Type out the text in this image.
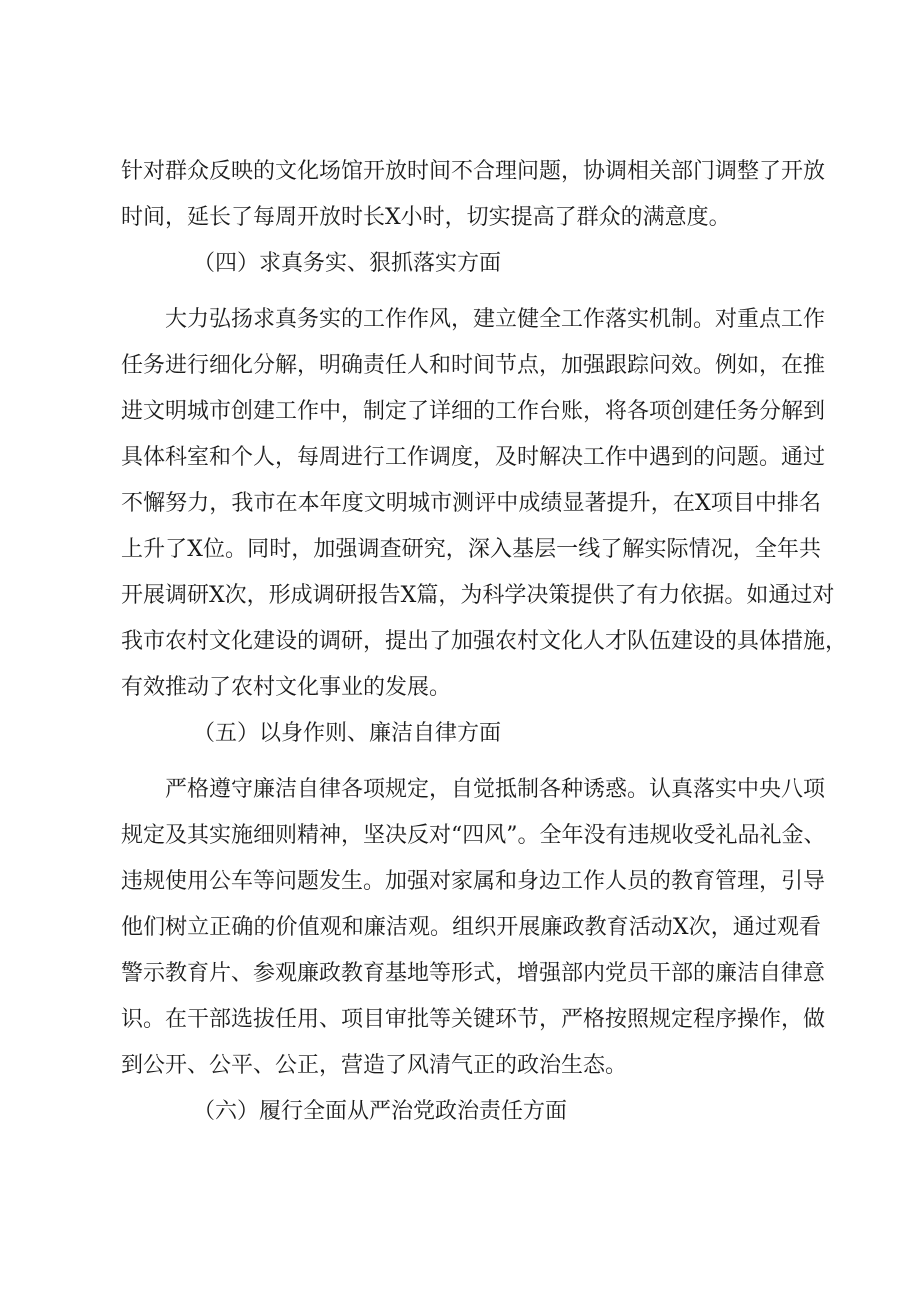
针对群众反映的文化场馆开放时间不合理问题，协调相关部门调整了开放
时间，延长了每周开放时长X小时，切实提高了群众的满意度。
（四）求真务实、狠抓落实方面
大力弘扬求真务实的工作作风，建立健全工作落实机制。对重点工作
任务进行细化分解，明确责任人和时间节点，加强跟踪问效。例如，在推
进文明城市创建工作中，制定了详细的工作台账，将各项创建任务分解到
具体科室和个人，每周进行工作调度，及时解决工作中遇到的问题。通过
不懈努力，我市在本年度文明城市测评中成绩显著提升，在X项目中排名
上升了X位。同时，加强调查研究，深入基层一线了解实际情况，全年共
开展调研X次，形成调研报告X篇，为科学决策提供了有力依据。如通过对
我市农村文化建设的调研，提出了加强农村文化人才队伍建设的具体措施，
有效推动了农村文化事业的发展。
（五）以身作则、廉洁自律方面
严格遵守廉洁自律各项规定，自觉抵制各种诱惑。认真落实中央八项
规定及其实施细则精神，坚决反对“四风”。全年没有违规收受礼品礼金、
违规使用公车等问题发生。加强对家属和身边工作人员的教育管理，引导
他们树立正确的价值观和廉洁观。组织开展廉政教育活动X次，通过观看
警示教育片、参观廉政教育基地等形式，增强部内党员干部的廉洁自律意
识。在干部选拔任用、项目审批等关键环节，严格按照规定程序操作，做
到公开、公平、公正，营造了风清气正的政治生态。
（六）履行全面从严治党政治责任方面
